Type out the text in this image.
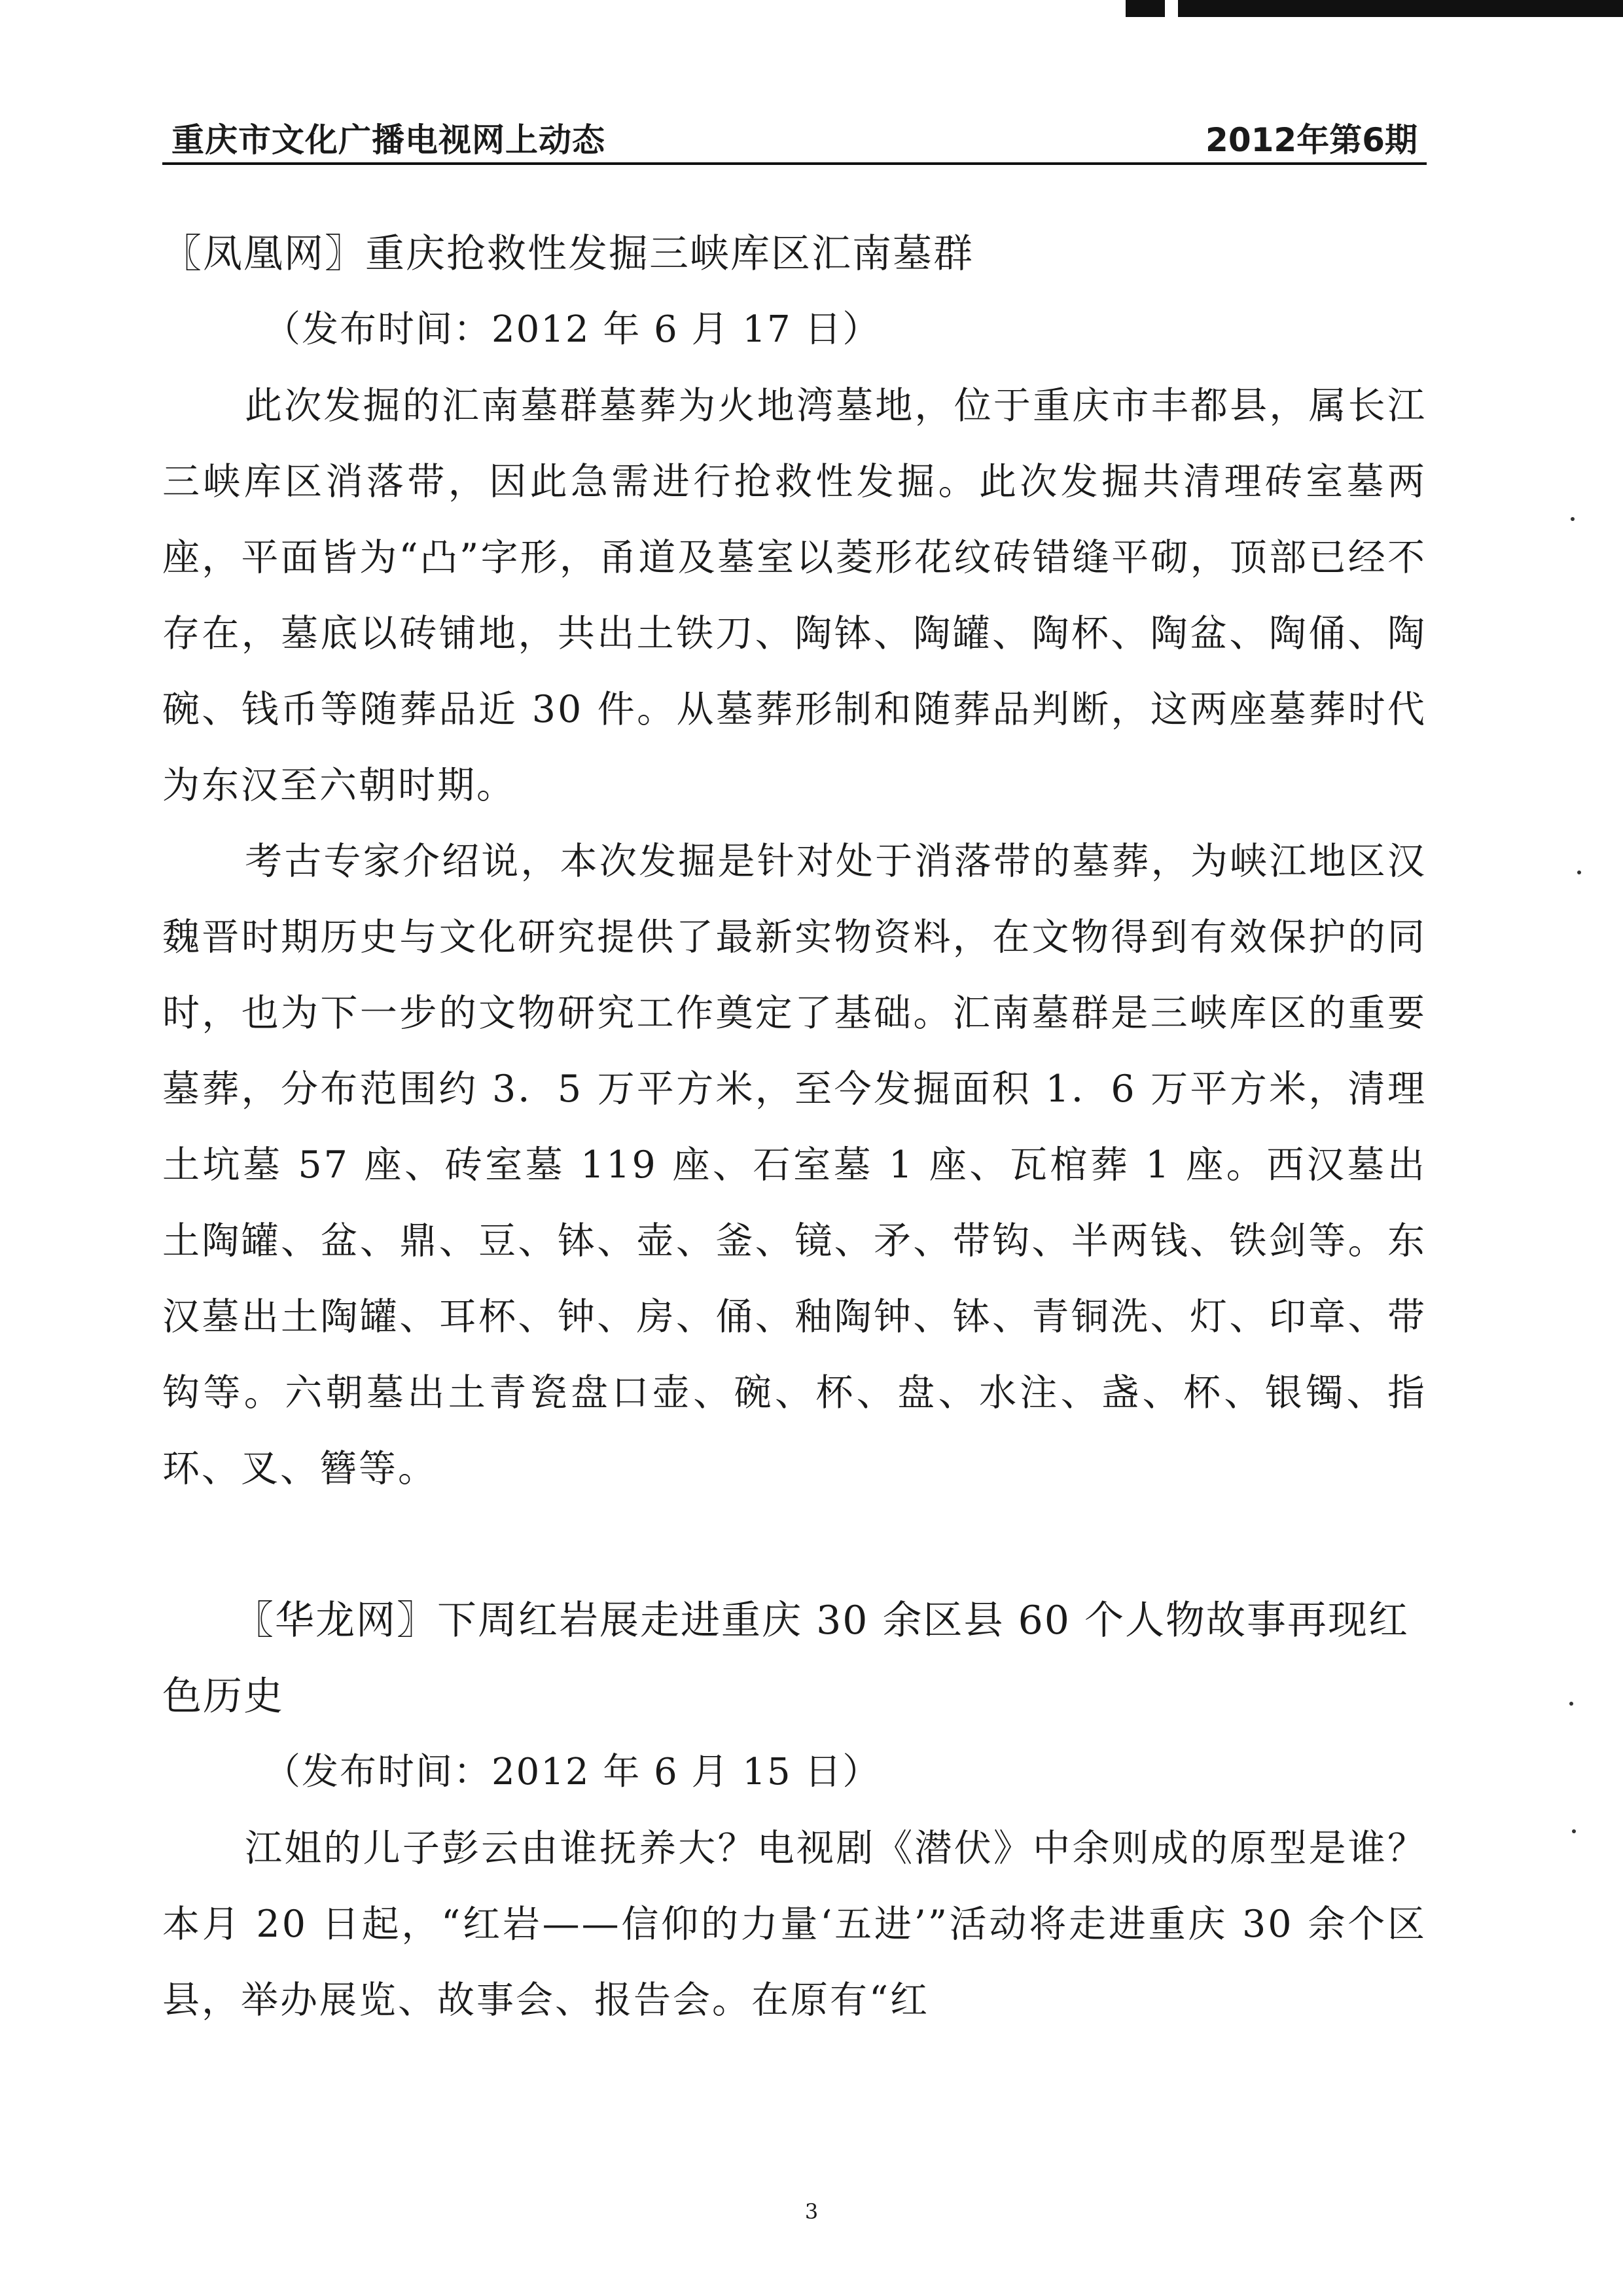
重庆市文化广播电视网上动态	2012年第6期
〖凤凰网〗重庆抢救性发掘三峡库区汇南墓群

（发布时间：2012 年 6 月 17 日）

此次发掘的汇南墓群墓葬为火地湾墓地，位于重庆市丰都县，属长江三峡库区消落带，因此急需进行抢救性发掘。此次发掘共清理砖室墓两座，平面皆为“凸”字形，甬道及墓室以菱形花纹砖错缝平砌，顶部已经不存在，墓底以砖铺地，共出土铁刀、陶钵、陶罐、陶杯、陶盆、陶俑、陶碗、钱币等随葬品近 30 件。从墓葬形制和随葬品判断，这两座墓葬时代为东汉至六朝时期。

考古专家介绍说，本次发掘是针对处于消落带的墓葬，为峡江地区汉魏晋时期历史与文化研究提供了最新实物资料，在文物得到有效保护的同时，也为下一步的文物研究工作奠定了基础。汇南墓群是三峡库区的重要墓葬，分布范围约 3．5 万平方米，至今发掘面积 1．6 万平方米，清理土坑墓 57 座、砖室墓 119 座、石室墓 1 座、瓦棺葬 1 座。西汉墓出土陶罐、盆、鼎、豆、钵、壶、釜、镜、矛、带钩、半两钱、铁剑等。东汉墓出土陶罐、耳杯、钟、房、俑、釉陶钟、钵、青铜洗、灯、印章、带钩等。六朝墓出土青瓷盘口壶、碗、杯、盘、水注、盏、杯、银镯、指环、叉、簪等。

〖华龙网〗下周红岩展走进重庆 30 余区县 60 个人物故事再现红色历史

（发布时间：2012 年 6 月 15 日）

江姐的儿子彭云由谁抚养大？电视剧《潜伏》中余则成的原型是谁？本月 20 日起，“红岩——信仰的力量‘五进’”活动将走进重庆 30 余个区县，举办展览、故事会、报告会。在原有“红

3
